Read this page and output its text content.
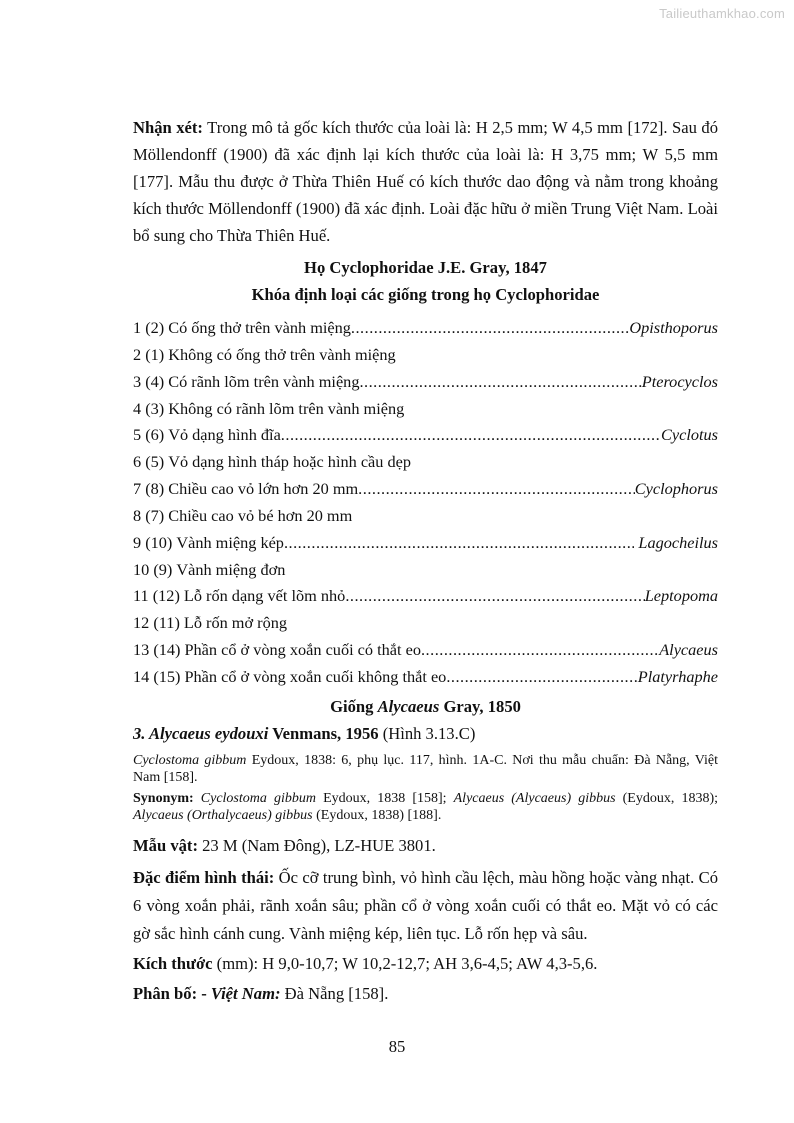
Tailieuthamkhao.com

Nhận xét: Trong mô tả gốc kích thước của loài là: H 2,5 mm; W 4,5 mm [172]. Sau đó Möllendonff (1900) đã xác định lại kích thước của loài là: H 3,75 mm; W 5,5 mm [177]. Mẫu thu được ở Thừa Thiên Huế có kích thước dao động và nằm trong khoảng kích thước Möllendonff (1900) đã xác định. Loài đặc hữu ở miền Trung Việt Nam. Loài bổ sung cho Thừa Thiên Huế.

Họ Cyclophoridae J.E. Gray, 1847

Khóa định loại các giống trong họ Cyclophoridae

1 (2) Có ống thở trên vành miệng .....	Opisthoporus
2 (1) Không có ống thở trên vành miệng
3 (4) Có rãnh lõm trên vành miệng .....	Pterocyclos
4 (3) Không có rãnh lõm trên vành miệng
5 (6) Vỏ dạng hình đĩa .....	Cyclotus
6 (5) Vỏ dạng hình tháp hoặc hình cầu dẹp
7 (8) Chiều cao vỏ lớn hơn 20 mm .....	Cyclophorus
8 (7) Chiều cao vỏ bé hơn 20 mm
9 (10) Vành miệng kép .....	Lagocheilus
10 (9) Vành miệng đơn
11 (12) Lỗ rốn dạng vết lõm nhỏ .....	Leptopoma
12 (11) Lỗ rốn mở rộng
13 (14) Phần cổ ở vòng xoắn cuối có thắt eo .....	Alycaeus
14 (15) Phần cổ ở vòng xoắn cuối không thắt eo .....	Platyrhaphe

Giống Alycaeus Gray, 1850

3. Alycaeus eydouxi Venmans, 1956 (Hình 3.13.C)

Cyclostoma gibbum Eydoux, 1838: 6, phụ lục. 117, hình. 1A-C. Nơi thu mẫu chuẩn: Đà Nẵng, Việt Nam [158].

Synonym: Cyclostoma gibbum Eydoux, 1838 [158]; Alycaeus (Alycaeus) gibbus (Eydoux, 1838); Alycaeus (Orthalycaeus) gibbus (Eydoux, 1838) [188].

Mẫu vật: 23 M (Nam Đông), LZ-HUE 3801.

Đặc điểm hình thái: Ốc cỡ trung bình, vỏ hình cầu lệch, màu hồng hoặc vàng nhạt. Có 6 vòng xoắn phải, rãnh xoắn sâu; phần cổ ở vòng xoắn cuối có thắt eo. Mặt vỏ có các gờ sắc hình cánh cung. Vành miệng kép, liên tục. Lỗ rốn hẹp và sâu.

Kích thước (mm): H 9,0-10,7; W 10,2-12,7; AH 3,6-4,5; AW 4,3-5,6.

Phân bố: - Việt Nam: Đà Nẵng [158].

85
